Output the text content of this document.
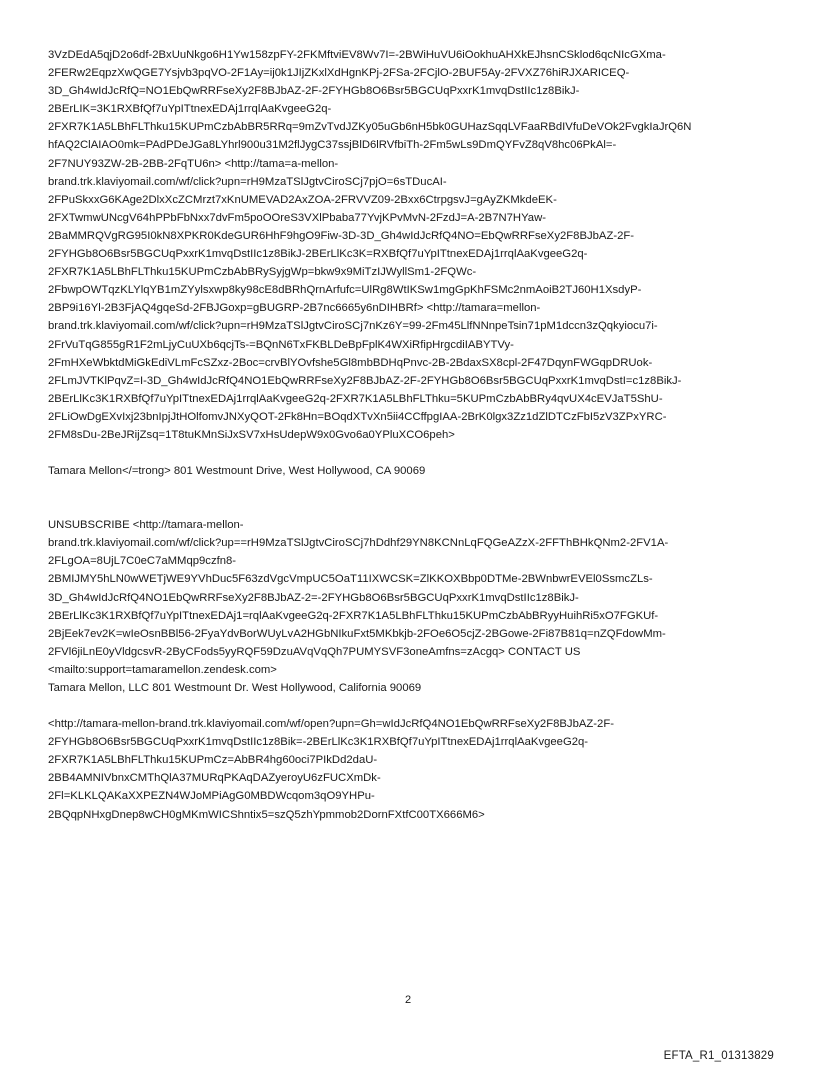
3VzDEdA5qjD2o6df-2BxUuNkgo6H1Yw158zpFY-2FKMftviEV8Wv7I=-2BWiHuVU6iOokhuAHXkEJhsnCSklod6qcNIcGXma-
2FERw2EqpzXwQGE7Ysjvb3pqVO-2F1Ay=ij0k1JIjZKxlXdHgnKPj-2FSa-2FCjlO-2BUF5Ay-2FVXZ76hiRJXARICEQ-
3D_Gh4wIdJcRfQ=NO1EbQwRRFseXy2F8BJbAZ-2F-2FYHGb8O6Bsr5BGCUqPxxrK1mvqDstIIc1z8BikJ-
2BErLIK=3K1RXBfQf7uYpITtnexEDAj1rrqlAaKvgeeG2q-
2FXR7K1A5LBhFLThku15KUPmCzbAbBR5RRq=9mZvTvdJZKy05uGb6nH5bk0GUHazSqqLVFaaRBdIVfuDeVOk2FvgkIaJrQ6N
hfAQ2ClAIAO0mk=PAdPDeJGa8LYhrl900u31M2flJygC37ssjBlD6lRVfbiTh-2Fm5wLs9DmQYFvZ8qV8hc06PkAl=-
2F7NUY93ZW-2B-2BB-2FqTU6n> <http://tama=a-mellon-
brand.trk.klaviyomail.com/wf/click?upn=rH9MzaTSlJgtvCiroSCj7pjO=6sTDucAI-
2FPuSkxxG6KAge2DlxXcZCMrzt7xKnUMEVAD2AxZOA-2FRVVZ09-2Bxx6CtrpgsvJ=gAyZKMkdeEK-
2FXTwmwUNcgV64hPPbFbNxx7dvFm5poOOreS3VXlPbaba77YvjKPvMvN-2FzdJ=A-2B7N7HYaw-
2BaMMRQVgRG95I0kN8XPKR0KdeGUR6HhF9hgO9Fiw-3D-3D_Gh4wIdJcRfQ4NO=EbQwRRFseXy2F8BJbAZ-2F-
2FYHGb8O6Bsr5BGCUqPxxrK1mvqDstIIc1z8BikJ-2BErLlKc3K=RXBfQf7uYpITtnexEDAj1rrqlAaKvgeeG2q-
2FXR7K1A5LBhFLThku15KUPmCzbAbBRySyjgWp=bkw9x9MiTzIJWyllSm1-2FQWc-
2FbwpOWTqzKLYlqYB1mZYylsxwp8ky98cE8dBRhQrnArfufc=UlRg8WtIKSw1mgGpKhFSMc2nmAoiB2TJ60H1XsdyP-
2BP9i16Yl-2B3FjAQ4gqeSd-2FBJGoxp=gBUGRP-2B7nc6665y6nDIHBRf> <http://tamara=mellon-
brand.trk.klaviyomail.com/wf/click?upn=rH9MzaTSlJgtvCiroSCj7nKz6Y=99-2Fm45LlfNNnpeTsin71pM1dccn3zQqkyiocu7i-
2FrVuTqG855gR1F2mLjyCuUXb6qcjTs-=BQnN6TxFKBLDeBpFplK4WXiRfipHrgcdiIABYTVy-
2FmHXeWbktdMiGkEdiVLmFcSZxz-2Boc=crvBlYOvfshe5Gl8mbBDHqPnvc-2B-2BdaxSX8cpl-2F47DqynFWGqpDRUok-
2FLmJVTKlPqvZ=I-3D_Gh4wIdJcRfQ4NO1EbQwRRFseXy2F8BJbAZ-2F-2FYHGb8O6Bsr5BGCUqPxxrK1mvqDstI=c1z8BikJ-
2BErLlKc3K1RXBfQf7uYpITtnexEDAj1rrqlAaKvgeeG2q-2FXR7K1A5LBhFLThku=5KUPmCzbAbBRy4qvUX4cEVJaT5ShU-
2FLiOwDgEXvIxj23bnIpjJtHOlfomvJNXyQOT-2Fk8Hn=BOqdXTvXn5ii4CCffpgIAA-2BrK0lgx3Zz1dZlDTCzFbI5zV3ZPxYRC-
2FM8sDu-2BeJRijZsq=1T8tuKMnSiJxSV7xHsUdepW9x0Gvo6a0YPluXCO6peh>
Tamara Mellon</=trong> 801 Westmount Drive, West Hollywood, CA 90069
UNSUBSCRIBE <http://tamara-mellon-
brand.trk.klaviyomail.com/wf/click?up==rH9MzaTSlJgtvCiroSCj7hDdhf29YN8KCNnLqFQGeAZzX-2FFThBHkQNm2-2FV1A-
2FLgOA=8UjL7C0eC7aMMqp9czfn8-
2BMIJMY5hLN0wWETjWE9YVhDuc5F63zdVgcVmpUC5OaT11IXWCSK=ZlKKOXBbp0DTMe-2BWnbwrEVEl0SsmcZLs-
3D_Gh4wIdJcRfQ4NO1EbQwRRFseXy2F8BJbAZ-2=-2FYHGb8O6Bsr5BGCUqPxxrK1mvqDstIIc1z8BikJ-
2BErLlKc3K1RXBfQf7uYpITtnexEDAj1=rqlAaKvgeeG2q-2FXR7K1A5LBhFLThku15KUPmCzbAbBRyyHuihRi5xO7FGKUf-
2BjEek7ev2K=wIeOsnBBl56-2FyaYdvBorWUyLvA2HGbNIkuFxt5MKbkjb-2FOe6O5cjZ-2BGowe-2Fi87B81q=nZQFdowMm-
2FVl6jiLnE0yVldgcsvR-2ByCFods5yyRQF59DzuAVqVqQh7PUMYSVF3oneAmfns=zAcgq> CONTACT US
<mailto:support=tamaramellon.zendesk.com>
Tamara Mellon, LLC 801 Westmount Dr. West Hollywood, California 90069
<http://tamara-mellon-brand.trk.klaviyomail.com/wf/open?upn=Gh=wIdJcRfQ4NO1EbQwRRFseXy2F8BJbAZ-2F-
2FYHGb8O6Bsr5BGCUqPxxrK1mvqDstIIc1z8Bik=-2BErLlKc3K1RXBfQf7uYpITtnexEDAj1rrqlAaKvgeeG2q-
2FXR7K1A5LBhFLThku15KUPmCz=AbBR4hg60oci7PIkDd2daU-
2BB4AMNIVbnxCMThQlA37MURqPKAqDAZyeroyU6zFUCXmDk-
2Fl=KLKLQAKaXXPEZN4WJoMPiAgG0MBDWcqom3qO9YHPu-
2BQqpNHxgDnep8wCH0gMKmWICShntix5=szQ5zhYpmmob2DornFXtfC00TX666M6>
2
EFTA_R1_01313829
